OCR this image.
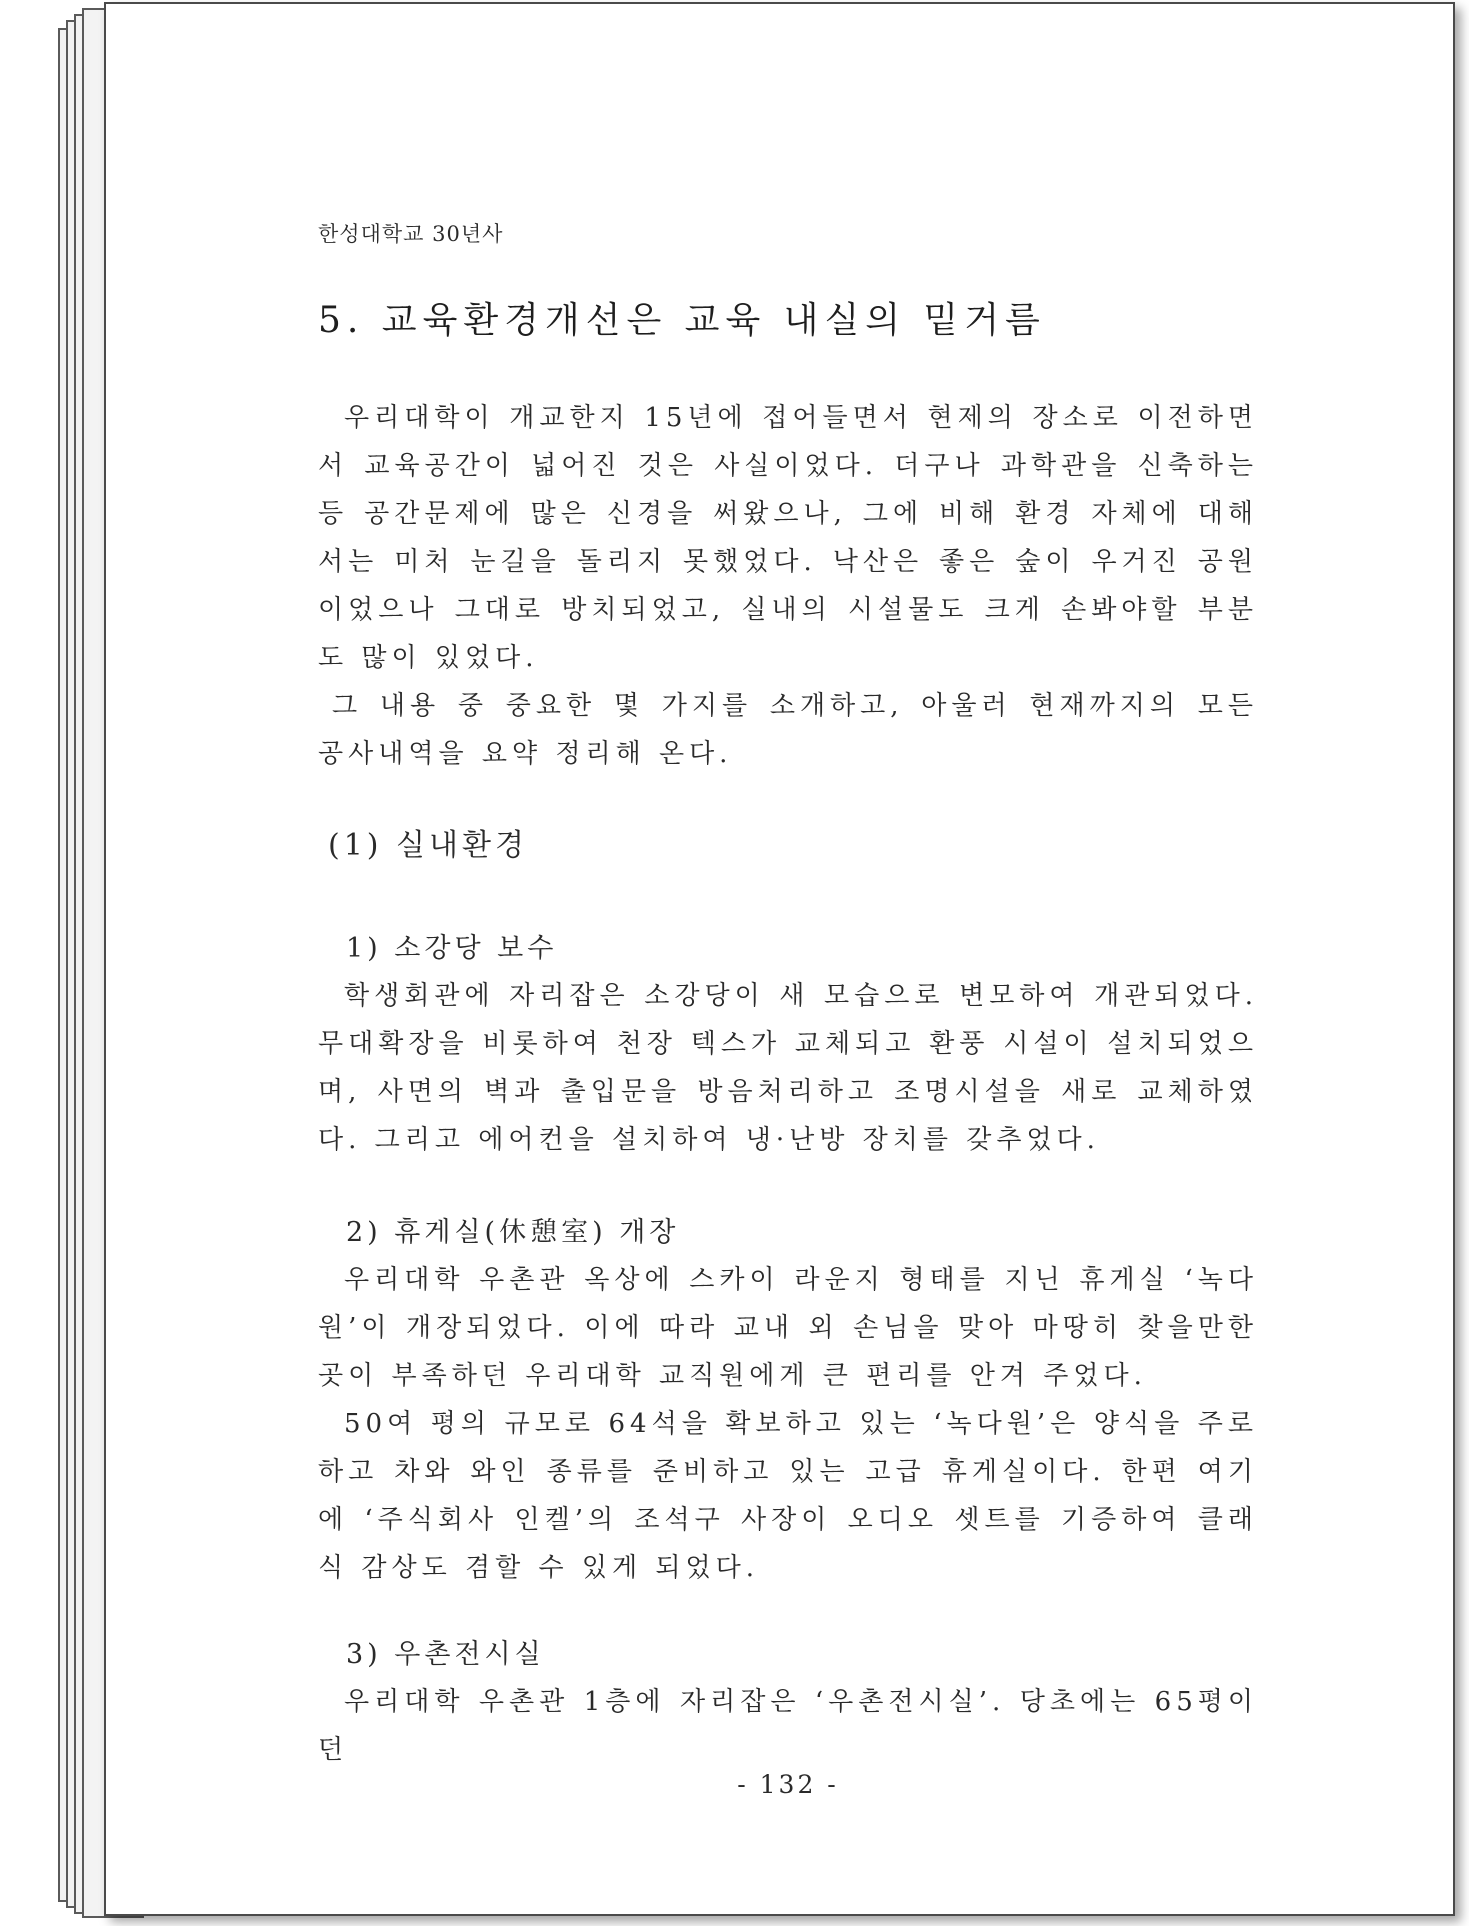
한성대학교 30년사
5. 교육환경개선은 교육 내실의 밑거름

우리대학이 개교한지 15년에 접어들면서 현제의 장소로 이전하면서 교육공간이 넓어진 것은 사실이었다. 더구나 과학관을 신축하는 등 공간문제에 많은 신경을 써왔으나, 그에 비해 환경 자체에 대해서는 미처 눈길을 돌리지 못했었다. 낙산은 좋은 숲이 우거진 공원이었으나 그대로 방치되었고, 실내의 시설물도 크게 손봐야할 부분도 많이 있었다.

그 내용 중 중요한 몇 가지를 소개하고, 아울러 현재까지의 모든 공사내역을 요약 정리해 온다.

(1) 실내환경
1) 소강당 보수

학생회관에 자리잡은 소강당이 새 모습으로 변모하여 개관되었다. 무대확장을 비롯하여 천장 텍스가 교체되고 환풍 시설이 설치되었으며, 사면의 벽과 출입문을 방음처리하고 조명시설을 새로 교체하였다. 그리고 에어컨을 설치하여 냉·난방 장치를 갖추었다.

2) 휴게실(休憩室) 개장

우리대학 우촌관 옥상에 스카이 라운지 형태를 지닌 휴게실 ‘녹다원’이 개장되었다. 이에 따라 교내 외 손님을 맞아 마땅히 찾을만한 곳이 부족하던 우리대학 교직원에게 큰 편리를 안겨 주었다.

50여 평의 규모로 64석을 확보하고 있는 ‘녹다원’은 양식을 주로 하고 차와 와인 종류를 준비하고 있는 고급 휴게실이다. 한편 여기에 ‘주식회사 인켈’의 조석구 사장이 오디오 셋트를 기증하여 클래식 감상도 겸할 수 있게 되었다.

3) 우촌전시실

우리대학 우촌관 1층에 자리잡은 ‘우촌전시실’. 당초에는 65평이던

- 132 -
